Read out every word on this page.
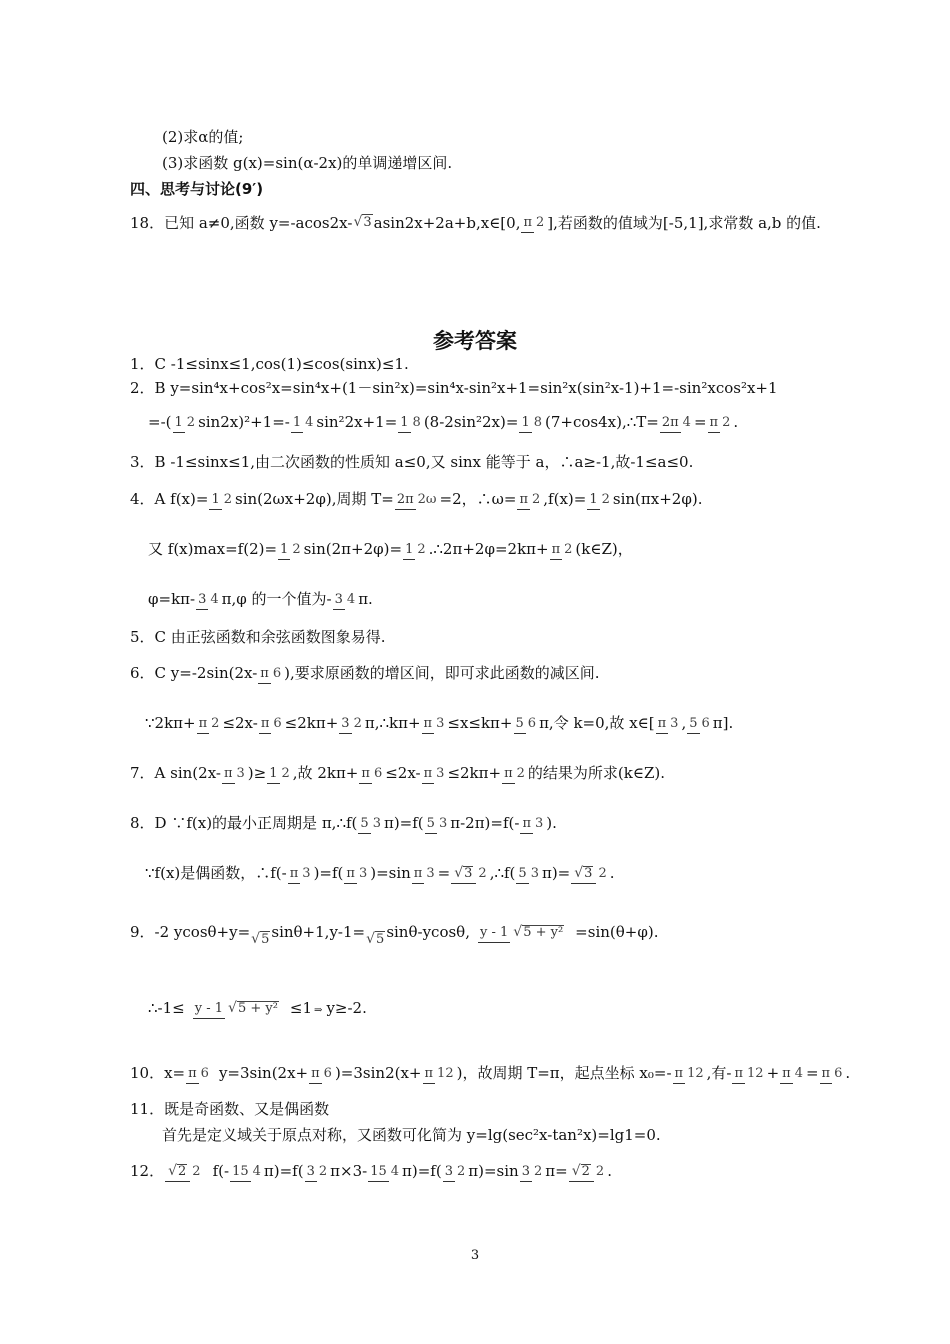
(2)求α的值;
(3)求函数 g(x)=sin(α-2x)的单调递增区间.
四、思考与讨论(9′)
18．已知 a≠0,函数 y=-acos2x- √3 asin2x+2a+b,x∈[0, π 2 ],若函数的值域为[-5,1],求常数 a,b 的值.
参考答案
1．C -1≤sinx≤1,cos(1)≤cos(sinx)≤1.
2．B y=sin⁴x+cos²x=sin⁴x+(1－sin²x)=sin⁴x-sin²x+1=sin²x(sin²x-1)+1=-sin²xcos²x+1
=-( 1 2 sin2x)²+1=- 1 4 sin²2x+1= 1 8 (8-2sin²2x)= 1 8 (7+cos4x),∴T= 2π 4 = π 2 .
3．B -1≤sinx≤1,由二次函数的性质知 a≤0,又 sinx 能等于 a，∴a≥-1,故-1≤a≤0.
4．A f(x)= 1 2 sin(2ωx+2φ),周期 T= 2π 2ω =2，∴ω= π 2 ,f(x)= 1 2 sin(πx+2φ).
又 f(x)max=f(2)= 1 2 sin(2π+2φ)= 1 2 .∴2π+2φ=2kπ+ π 2 (k∈Z)，
φ=kπ- 3 4 π,φ 的一个值为- 3 4 π.
5．C 由正弦函数和余弦函数图象易得.
6．C y=-2sin(2x- π 6 ),要求原函数的增区间，即可求此函数的减区间.
∵2kπ+ π 2 ≤2x- π 6 ≤2kπ+ 3 2 π,∴kπ+ π 3 ≤x≤kπ+ 5 6 π,令 k=0,故 x∈ [ π 3 , 5 6 π].
7．A sin(2x- π 3 )≥ 1 2 ,故 2kπ+ π 6 ≤2x- π 3 ≤2kπ+ π 2 的结果为所求(k∈Z).
8．D ∵f(x)的最小正周期是 π,∴f( 5 3 π)=f( 5 3 π-2π)=f(- π 3 ).
∵f(x)是偶函数，∴f(- π 3 )=f( π 3 )=sin π 3 = √ 3 2 ,∴f( 5 3 π)= √ 3 2 .
9．-2 ycosθ+y= √5 sinθ+1,y-1= √5 sinθ-ycosθ, y - 1 √ 5 + y² =sin(θ+φ).
∴-1≤ y - 1 √ 5 + y² ≤1 ⇒ y≥-2.
10．x= π 6 y=3sin(2x+ π 6 )=3sin2(x+ π 12 )，故周期 T=π，起点坐标 x₀=- π 12 ,有- π 12 + π 4 = π 6 .
11．既是奇函数、又是偶函数
首先是定义域关于原点对称，又函数可化简为 y=lg(sec²x-tan²x)=lg1=0.
12． √ 2 2 f(- 15 4 π)=f( 3 2 π×3- 15 4 π)=f( 3 2 π)=sin 3 2 π= √ 2 2 .
3
